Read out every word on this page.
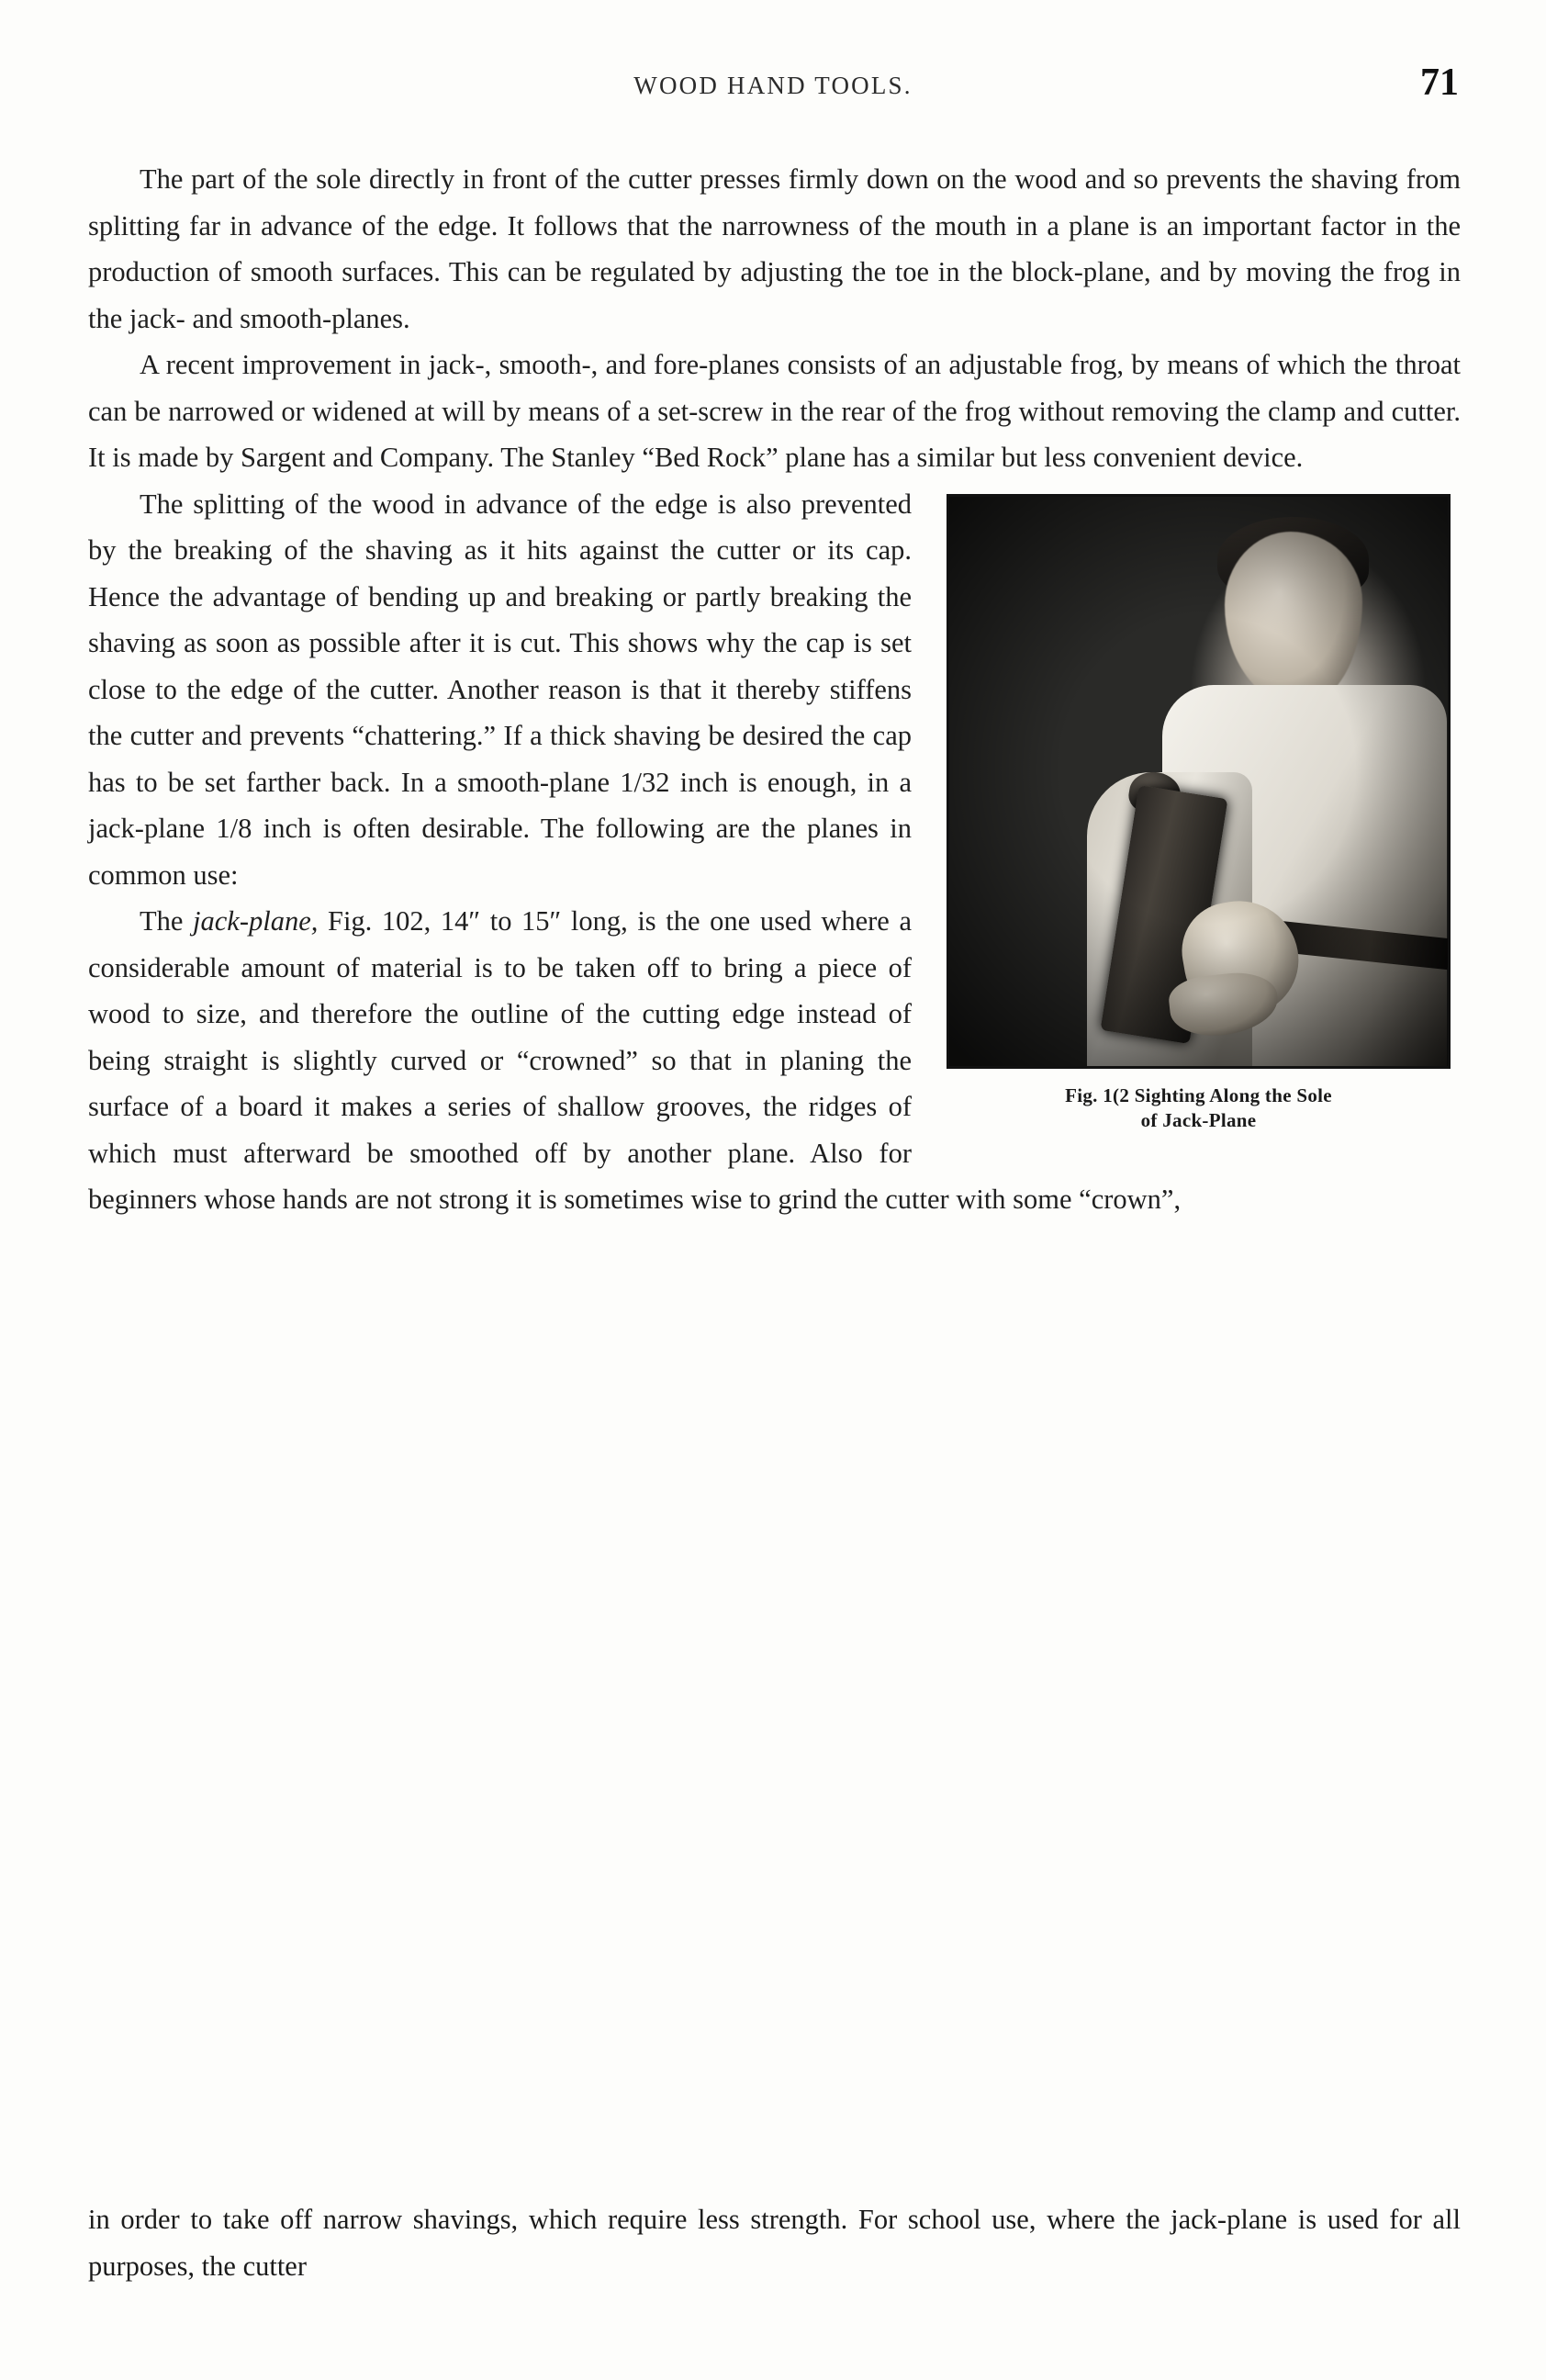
WOOD HAND TOOLS.	71

The part of the sole directly in front of the cutter presses firmly down on the wood and so prevents the shaving from splitting far in advance of the edge. It follows that the narrowness of the mouth in a plane is an important factor in the production of smooth surfaces. This can be regulated by adjusting the toe in the block-plane, and by moving the frog in the jack- and smooth-planes.

A recent improvement in jack-, smooth-, and fore-planes consists of an adjustable frog, by means of which the throat can be narrowed or widened at will by means of a set-screw in the rear of the frog without removing the clamp and cutter. It is made by Sargent and Company. The Stanley “Bed Rock” plane has a similar but less convenient device.

Fig. 1(2 Sighting Along the Sole
of Jack-Plane

The splitting of the wood in advance of the edge is also prevented by the breaking of the shaving as it hits against the cutter or its cap. Hence the advantage of bending up and breaking or partly breaking the shaving as soon as possible after it is cut. This shows why the cap is set close to the edge of the cutter. Another reason is that it thereby stiffens the cutter and prevents “chattering.” If a thick shaving be desired the cap has to be set farther back. In a smooth-plane 1/32 inch is enough, in a jack-plane 1/8 inch is often desirable. The following are the planes in common use:

The jack-plane, Fig. 102, 14″ to 15″ long, is the one used where a considerable amount of material is to be taken off to bring a piece of wood to size, and therefore the outline of the cutting edge instead of being straight is slightly curved or “crowned” so that in planing the surface of a board it makes a series of shallow grooves, the ridges of which must afterward be smoothed off by another plane. Also for beginners whose hands are not strong it is sometimes wise to grind the cutter with some “crown”,

in order to take off narrow shavings, which require less strength. For school use, where the jack-plane is used for all purposes, the cutter
